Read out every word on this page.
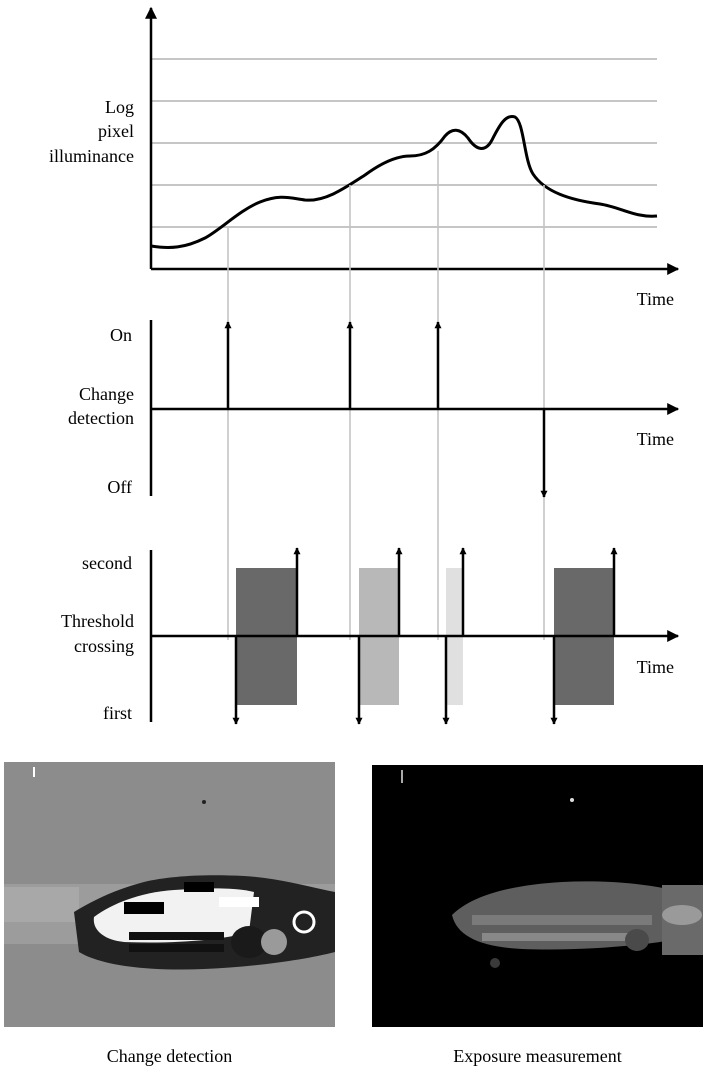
Log
pixel
illuminance
Time
On
Change
detection
Off
Time
second
Threshold
crossing
first
Time
Change detection	Exposure measurement
